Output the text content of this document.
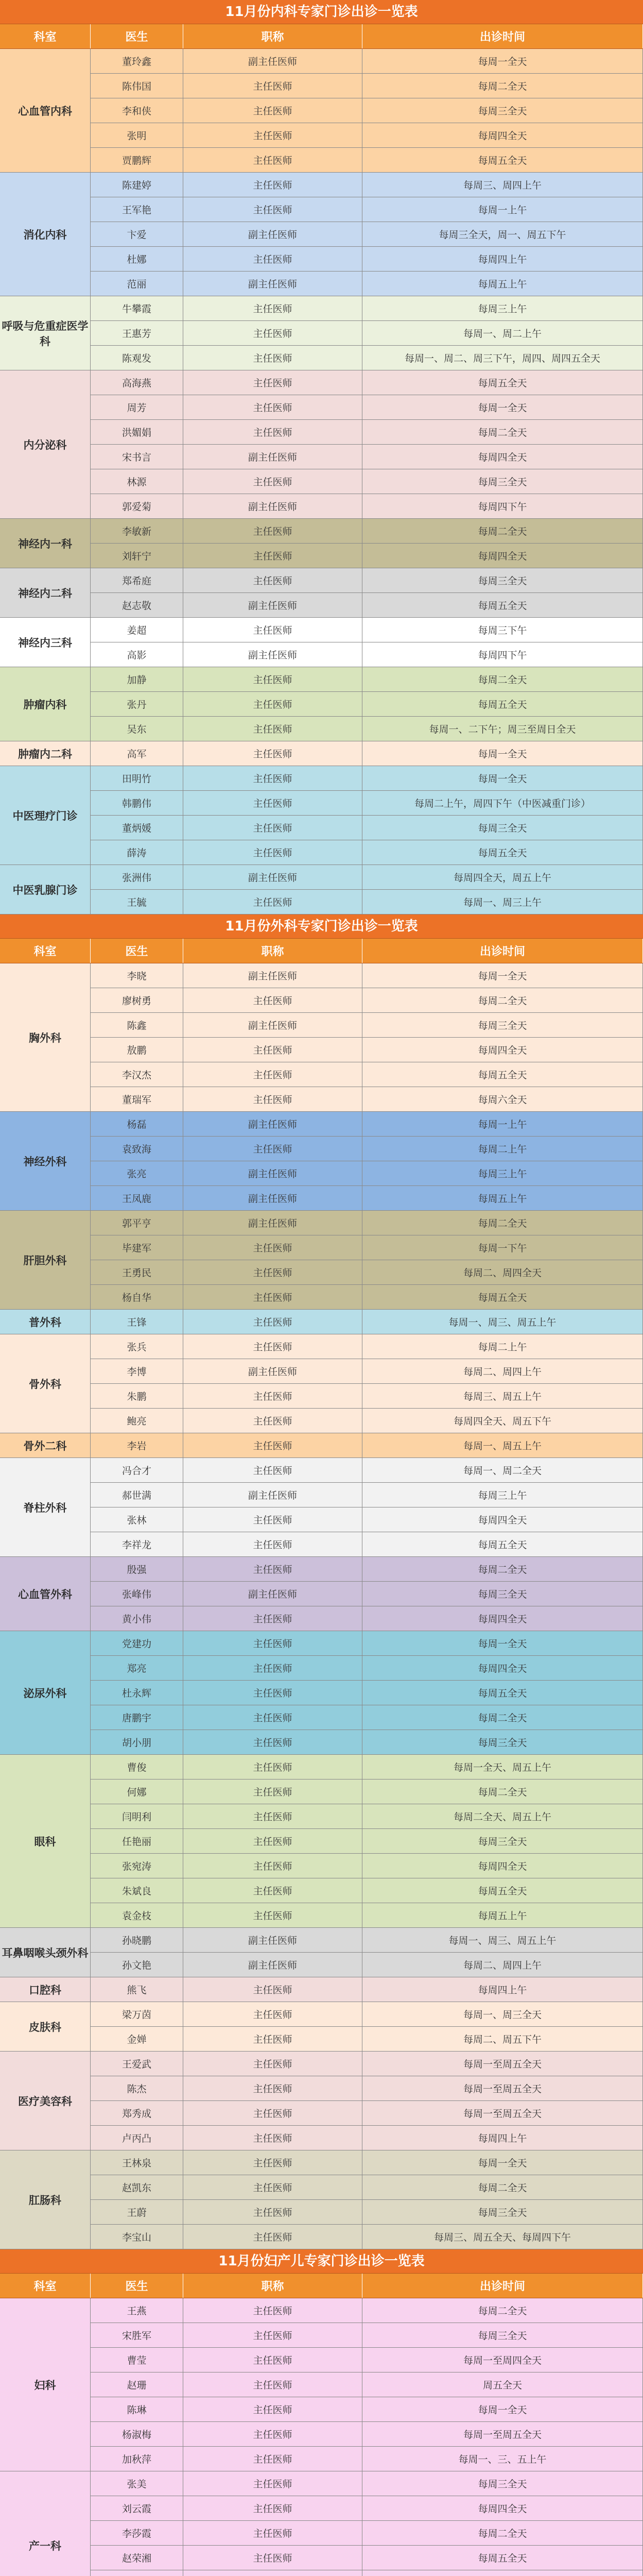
11月份内科专家门诊出诊一览表
科室	医生	职称	出诊时间
心血管内科
董玲鑫	副主任医师	每周一全天
陈伟国	主任医师	每周二全天
李和侠	主任医师	每周三全天
张明	主任医师	每周四全天
贾鹏辉	主任医师	每周五全天
消化内科
陈建婷	主任医师	每周三、周四上午
王军艳	主任医师	每周一上午
卞爱	副主任医师	每周三全天，周一、周五下午
杜娜	主任医师	每周四上午
范丽	副主任医师	每周五上午
呼吸与危重症医学科
牛攀霞	主任医师	每周三上午
王惠芳	主任医师	每周一、周二上午
陈观发	主任医师	每周一、周二、周三下午，周四、周四五全天
内分泌科
高海燕	主任医师	每周五全天
周芳	主任医师	每周一全天
洪媚娟	主任医师	每周二全天
宋书言	副主任医师	每周四全天
林源	主任医师	每周三全天
郭爱菊	副主任医师	每周四下午
神经内一科
李敏新	主任医师	每周二全天
刘轩宁	主任医师	每周四全天
神经内二科
郑希庭	主任医师	每周三全天
赵志敬	副主任医师	每周五全天
神经内三科
姜超	主任医师	每周三下午
高影	副主任医师	每周四下午
肿瘤内科
加静	主任医师	每周二全天
张丹	主任医师	每周五全天
吴东	主任医师	每周一、二下午；周三至周日全天
肿瘤内二科	高军	主任医师	每周一全天
中医理疗门诊
田明竹	主任医师	每周一全天
韩鹏伟	主任医师	每周二上午，周四下午（中医减重门诊）
董炳媛	主任医师	每周三全天
薛涛	主任医师	每周五全天
中医乳腺门诊
张洲伟	副主任医师	每周四全天，周五上午
王毓	主任医师	每周一、周三上午
11月份外科专家门诊出诊一览表
科室	医生	职称	出诊时间
胸外科
李晓	副主任医师	每周一全天
廖树勇	主任医师	每周二全天
陈鑫	副主任医师	每周三全天
敖鹏	主任医师	每周四全天
李汉杰	主任医师	每周五全天
董瑞军	主任医师	每周六全天
神经外科
杨磊	副主任医师	每周一上午
袁致海	主任医师	每周二上午
张亮	副主任医师	每周三上午
王凤鹿	副主任医师	每周五上午
肝胆外科
郭平亨	副主任医师	每周二全天
毕建军	主任医师	每周一下午
王勇民	主任医师	每周二、周四全天
杨自华	主任医师	每周五全天
普外科	王锋	主任医师	每周一、周三、周五上午
骨外科
张兵	主任医师	每周二上午
李博	副主任医师	每周二、周四上午
朱鹏	主任医师	每周三、周五上午
鲍亮	主任医师	每周四全天、周五下午
骨外二科	李岩	主任医师	每周一、周五上午
脊柱外科
冯合才	主任医师	每周一、周二全天
郝世满	副主任医师	每周三上午
张林	主任医师	每周四全天
李祥龙	主任医师	每周五全天
心血管外科
殷强	主任医师	每周二全天
张峰伟	副主任医师	每周三全天
黄小伟	主任医师	每周四全天
泌尿外科
党建功	主任医师	每周一全天
郑亮	主任医师	每周四全天
杜永辉	主任医师	每周五全天
唐鹏宇	主任医师	每周二全天
胡小朋	主任医师	每周三全天
眼科
曹俊	主任医师	每周一全天、周五上午
何娜	主任医师	每周二全天
闫明利	主任医师	每周二全天、周五上午
任艳丽	主任医师	每周三全天
张宛涛	主任医师	每周四全天
朱斌良	主任医师	每周五全天
袁金枝	主任医师	每周五上午
耳鼻咽喉头颈外科
孙晓鹏	副主任医师	每周一、周三、周五上午
孙文艳	副主任医师	每周二、周四上午
口腔科	熊飞	主任医师	每周四上午
皮肤科
梁万茵	主任医师	每周一、周三全天
金婵	主任医师	每周二、周五下午
医疗美容科
王爱武	主任医师	每周一至周五全天
陈杰	主任医师	每周一至周五全天
郑秀成	主任医师	每周一至周五全天
卢丙凸	主任医师	每周四上午
肛肠科
王林泉	主任医师	每周一全天
赵凯东	主任医师	每周二全天
王蔚	主任医师	每周三全天
李宝山	主任医师	每周三、周五全天、每周四下午
11月份妇产儿专家门诊出诊一览表
科室	医生	职称	出诊时间
妇科
王燕	主任医师	每周二全天
宋胜军	主任医师	每周三全天
曹莹	主任医师	每周一至周四全天
赵珊	主任医师	周五全天
陈琳	主任医师	每周一全天
杨淑梅	主任医师	每周一至周五全天
加秋萍	主任医师	每周一、三、五上午
产一科
张美	主任医师	每周三全天
刘云霞	主任医师	每周四全天
李莎霞	主任医师	每周二全天
赵荣湘	主任医师	每周五全天
